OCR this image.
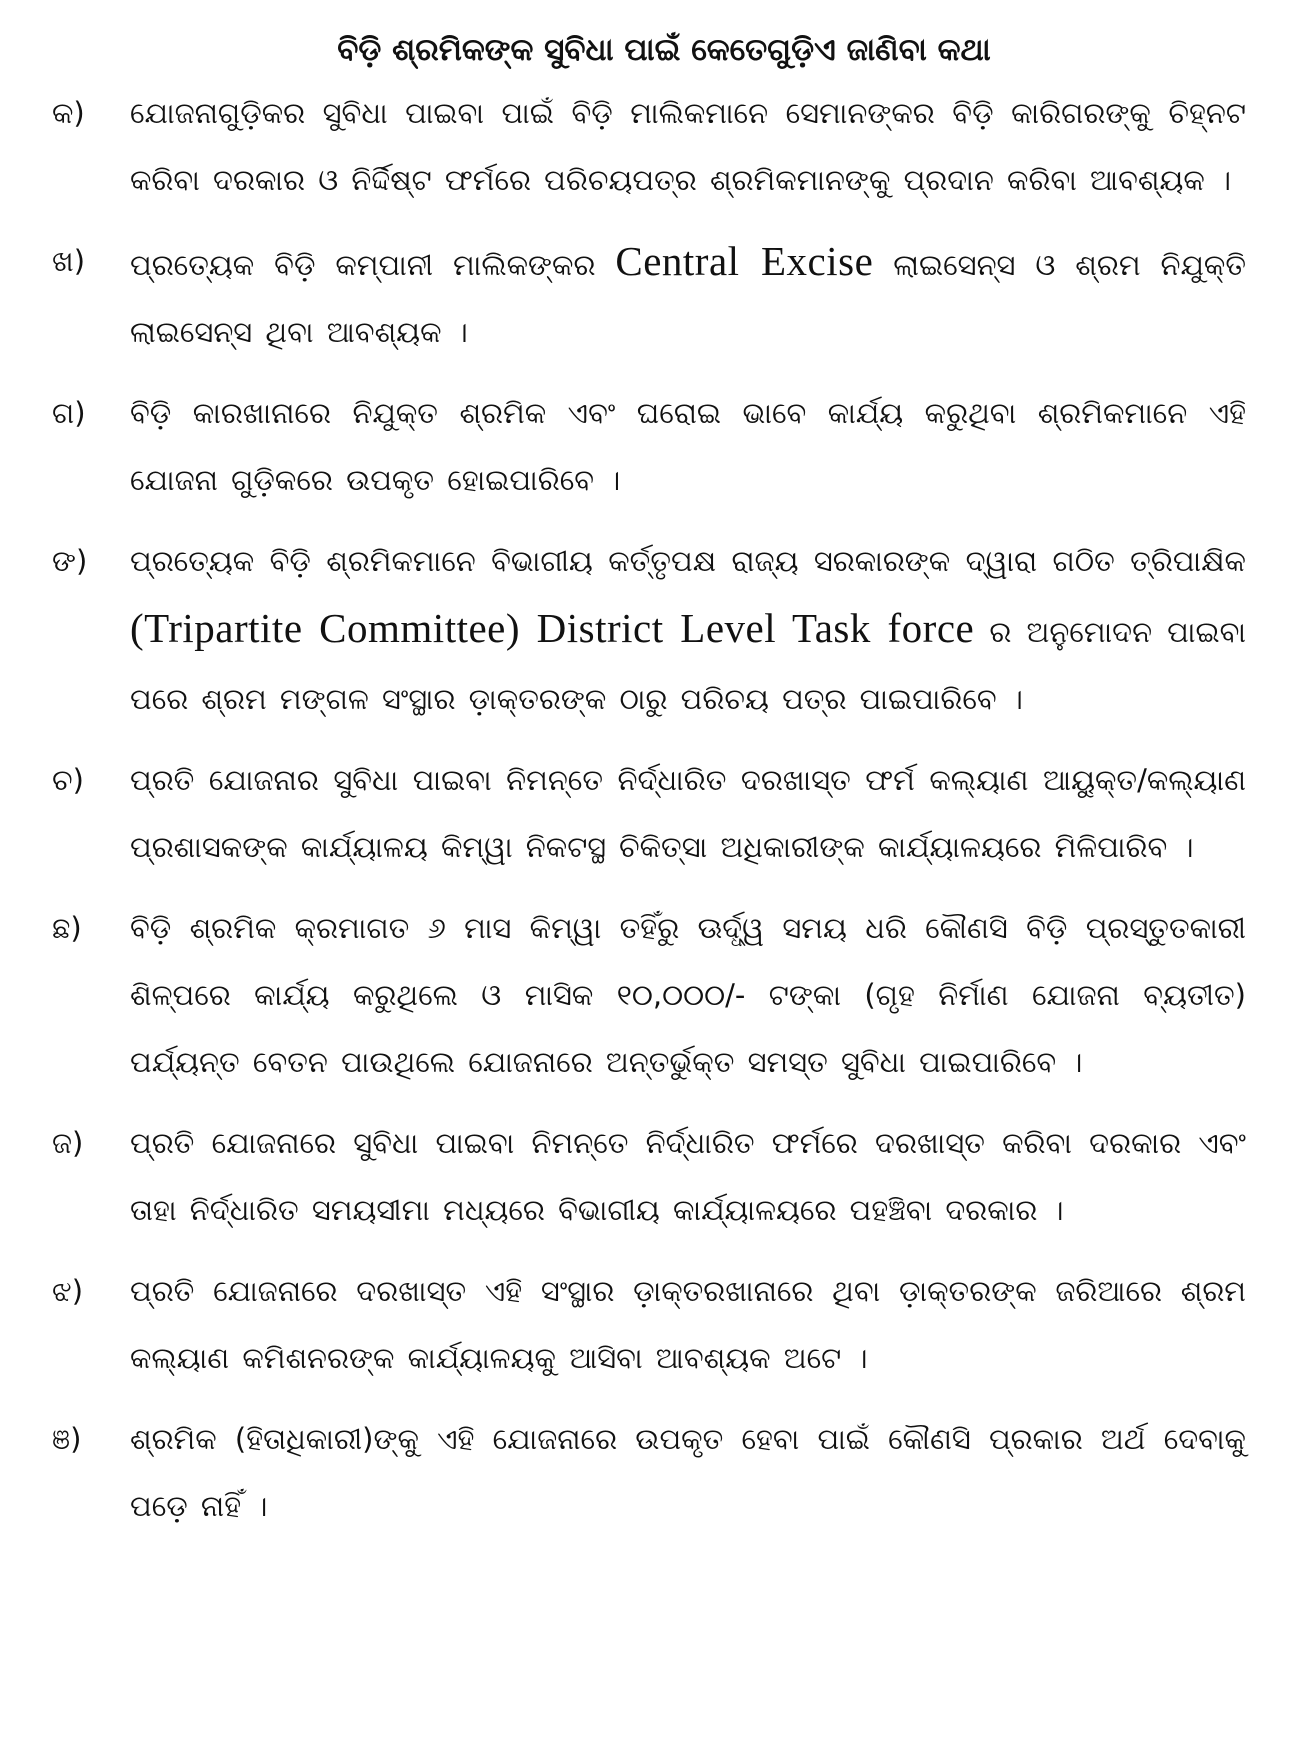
ବିଡ଼ି ଶ୍ରମିକଙ୍କ ସୁବିଧା ପାଇଁ କେତେଗୁଡ଼ିଏ ଜାଣିବା କଥା
କ)	ଯୋଜନାଗୁଡ଼ିକର ସୁବିଧା ପାଇବା ପାଇଁ ବିଡ଼ି ମାଲିକମାନେ ସେମାନଙ୍କର ବିଡ଼ି କାରିଗରଙ୍କୁ ଚିହ୍ନଟ କରିବା ଦରକାର ଓ ନିର୍ଦ୍ଦିଷ୍ଟ ଫର୍ମରେ ପରିଚୟପତ୍ର ଶ୍ରମିକମାନଙ୍କୁ ପ୍ରଦାନ କରିବା ଆବଶ୍ୟକ ।
ଖ)	ପ୍ରତ୍ୟେକ ବିଡ଼ି କମ୍ପାନୀ ମାଲିକଙ୍କର Central Excise ଲାଇସେନ୍ସ ଓ ଶ୍ରମ ନିଯୁକ୍ତି ଲାଇସେନ୍ସ ଥିବା ଆବଶ୍ୟକ ।
ଗ)	ବିଡ଼ି କାରଖାନାରେ ନିଯୁକ୍ତ ଶ୍ରମିକ ଏବଂ ଘରୋଇ ଭାବେ କାର୍ଯ୍ୟ କରୁଥିବା ଶ୍ରମିକମାନେ ଏହି ଯୋଜନା ଗୁଡ଼ିକରେ ଉପକୃତ ହୋଇପାରିବେ ।
ଙ)	ପ୍ରତ୍ୟେକ ବିଡ଼ି ଶ୍ରମିକମାନେ ବିଭାଗୀୟ କର୍ତ୍ତୃପକ୍ଷ ରାଜ୍ୟ ସରକାରଙ୍କ ଦ୍ୱାରା ଗଠିତ ତ୍ରିପାକ୍ଷିକ (Tripartite Committee) District Level Task force ର ଅନୁମୋଦନ ପାଇବା ପରେ ଶ୍ରମ ମଙ୍ଗଳ ସଂସ୍ଥାର ଡ଼ାକ୍ତରଙ୍କ ଠାରୁ ପରିଚୟ ପତ୍ର ପାଇପାରିବେ ।
ଚ)	ପ୍ରତି ଯୋଜନାର ସୁବିଧା ପାଇବା ନିମନ୍ତେ ନିର୍ଦ୍ଧାରିତ ଦରଖାସ୍ତ ଫର୍ମ କଲ୍ୟାଣ ଆୟୁକ୍ତ/କଲ୍ୟାଣ ପ୍ରଶାସକଙ୍କ କାର୍ଯ୍ୟାଳୟ କିମ୍ୱା ନିକଟସ୍ଥ ଚିକିତ୍ସା ଅଧିକାରୀଙ୍କ କାର୍ଯ୍ୟାଳୟରେ ମିଳିପାରିବ ।
ଛ)	ବିଡ଼ି ଶ୍ରମିକ କ୍ରମାଗତ ୬ ମାସ କିମ୍ୱା ତହିଁରୁ ଊର୍ଦ୍ଧ୍ୱ ସମୟ ଧରି କୌଣସି ବିଡ଼ି ପ୍ରସ୍ତୁତକାରୀ ଶିଳ୍ପରେ କାର୍ଯ୍ୟ କରୁଥିଲେ ଓ ମାସିକ ୧୦,୦୦୦/- ଟଙ୍କା (ଗୃହ ନିର୍ମାଣ ଯୋଜନା ବ୍ୟତୀତ) ପର୍ଯ୍ୟନ୍ତ ବେତନ ପାଉଥିଲେ ଯୋଜନାରେ ଅନ୍ତର୍ଭୁକ୍ତ ସମସ୍ତ ସୁବିଧା ପାଇପାରିବେ ।
ଜ)	ପ୍ରତି ଯୋଜନାରେ ସୁବିଧା ପାଇବା ନିମନ୍ତେ ନିର୍ଦ୍ଧାରିତ ଫର୍ମରେ ଦରଖାସ୍ତ କରିବା ଦରକାର ଏବଂ ତାହା ନିର୍ଦ୍ଧାରିତ ସମୟସୀମା ମଧ୍ୟରେ ବିଭାଗୀୟ କାର୍ଯ୍ୟାଳୟରେ ପହଞ୍ଚିବା ଦରକାର ।
ଝ)	ପ୍ରତି ଯୋଜନାରେ ଦରଖାସ୍ତ ଏହି ସଂସ୍ଥାର ଡ଼ାକ୍ତରଖାନାରେ ଥିବା ଡ଼ାକ୍ତରଙ୍କ ଜରିଆରେ ଶ୍ରମ କଲ୍ୟାଣ କମିଶନରଙ୍କ କାର୍ଯ୍ୟାଳୟକୁ ଆସିବା ଆବଶ୍ୟକ ଅଟେ ।
ଞ)	ଶ୍ରମିକ (ହିତାଧିକାରୀ)ଙ୍କୁ ଏହି ଯୋଜନାରେ ଉପକୃତ ହେବା ପାଇଁ କୌଣସି ପ୍ରକାର ଅର୍ଥ ଦେବାକୁ ପଡ଼େ ନାହିଁ ।
